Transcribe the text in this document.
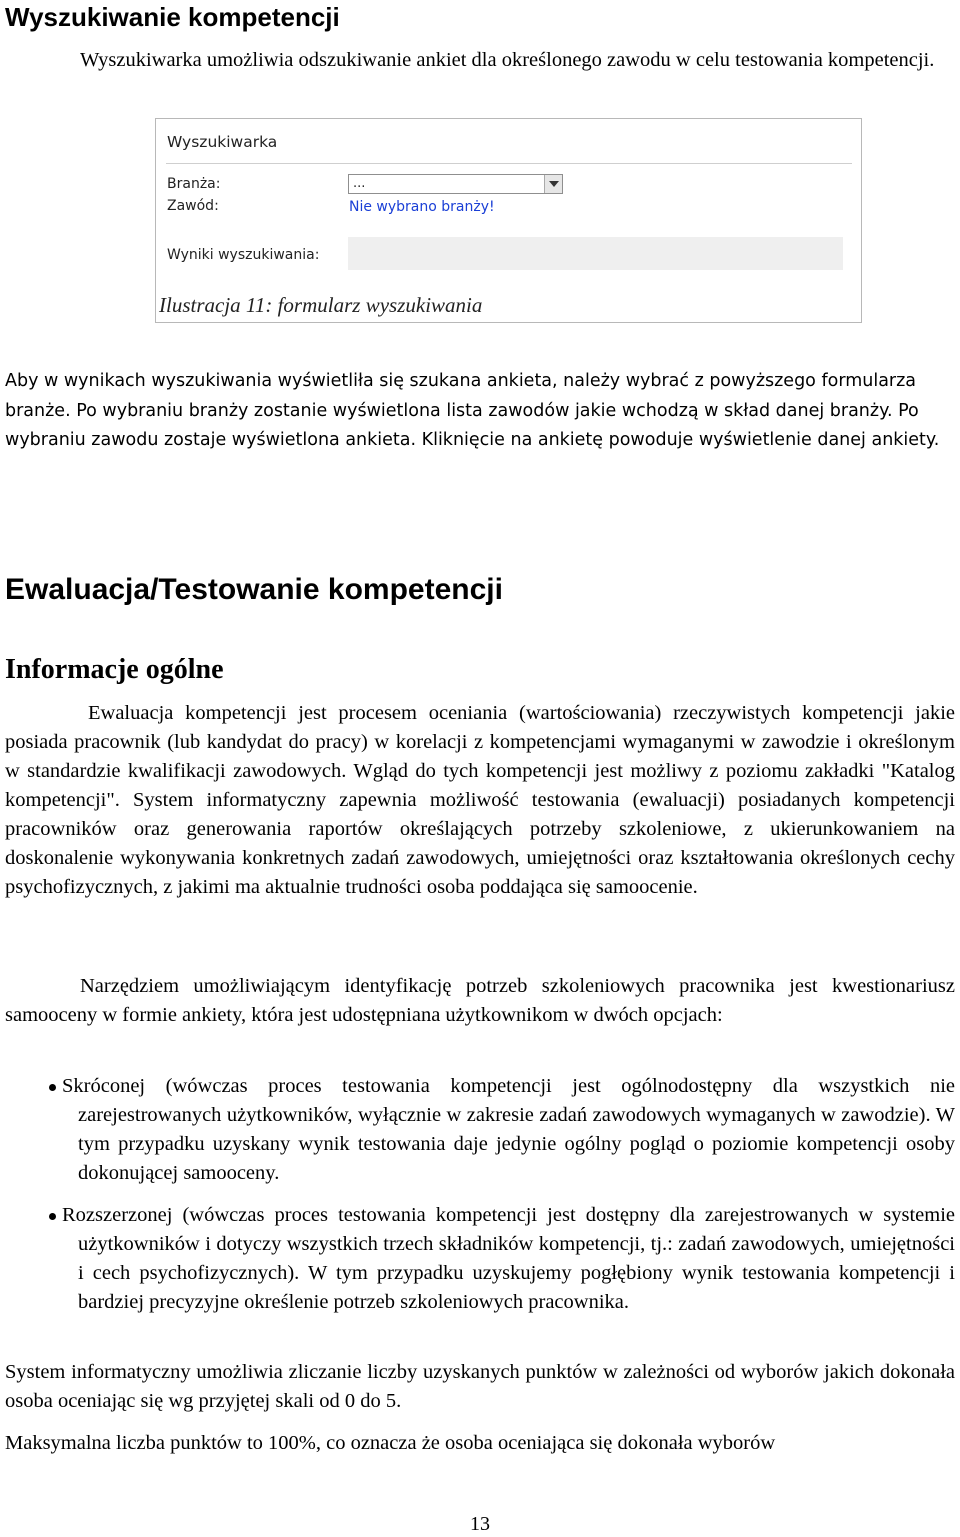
Wyszukiwanie kompetencji

Wyszukiwarka umożliwia odszukiwanie ankiet dla określonego zawodu w celu testowania kompetencji.

Wyszukiwarka
Branża:	...
Zawód:	Nie wybrano branży!
Wyniki wyszukiwania:
Ilustracja 11: formularz wyszukiwania

Aby w wynikach wyszukiwania wyświetliła się szukana ankieta, należy wybrać z powyższego formularza branże. Po wybraniu branży zostanie wyświetlona lista zawodów jakie wchodzą w skład danej branży. Po wybraniu zawodu zostaje wyświetlona ankieta. Kliknięcie na ankietę powoduje wyświetlenie danej ankiety.

Ewaluacja/Testowanie kompetencji
Informacje ogólne

Ewaluacja kompetencji jest procesem oceniania (wartościowania) rzeczywistych kompetencji jakie posiada pracownik (lub kandydat do pracy) w korelacji z kompetencjami wymaganymi w zawodzie i określonym w standardzie kwalifikacji zawodowych. Wgląd do tych kompetencji jest możliwy z poziomu zakładki "Katalog kompetencji". System informatyczny zapewnia możliwość testowania (ewaluacji) posiadanych kompetencji pracowników oraz generowania raportów określających potrzeby szkoleniowe, z ukierunkowaniem na doskonalenie wykonywania konkretnych zadań zawodowych, umiejętności oraz kształtowania określonych cechy psychofizycznych, z jakimi ma aktualnie trudności osoba poddająca się samoocenie.

Narzędziem umożliwiającym identyfikację potrzeb szkoleniowych pracownika jest kwestionariusz samooceny w formie ankiety, która jest udostępniana użytkownikom w dwóch opcjach:

Skróconej (wówczas proces testowania kompetencji jest ogólnodostępny dla wszystkich nie zarejestrowanych użytkowników, wyłącznie w zakresie zadań zawodowych wymaganych w zawodzie). W tym przypadku uzyskany wynik testowania daje jedynie ogólny pogląd o poziomie kompetencji osoby dokonującej samooceny.
Rozszerzonej (wówczas proces testowania kompetencji jest dostępny dla zarejestrowanych w systemie użytkowników i dotyczy wszystkich trzech składników kompetencji, tj.: zadań zawodowych, umiejętności i cech psychofizycznych). W tym przypadku uzyskujemy pogłębiony wynik testowania kompetencji i bardziej precyzyjne określenie potrzeb szkoleniowych pracownika.

System informatyczny umożliwia zliczanie liczby uzyskanych punktów w zależności od wyborów jakich dokonała osoba oceniając się wg przyjętej skali od 0 do 5.

Maksymalna liczba punktów to 100%, co oznacza że osoba oceniająca się dokonała wyborów

13
